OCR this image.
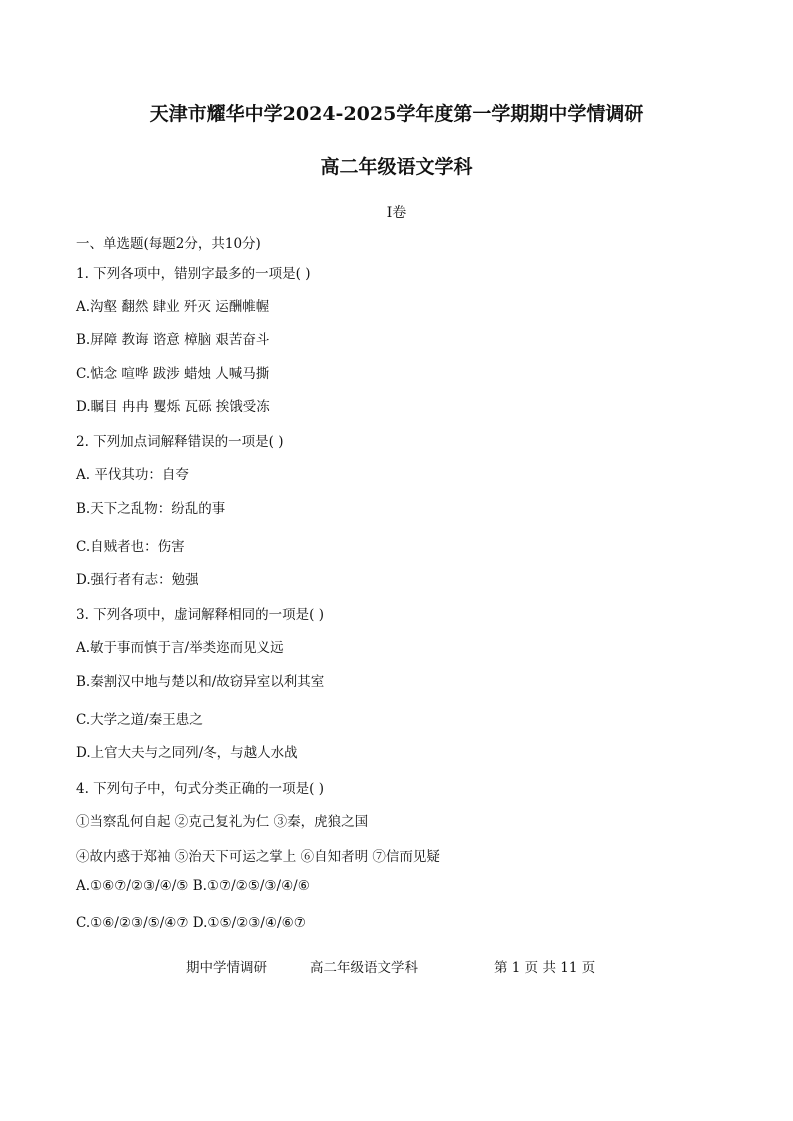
天津市耀华中学2024-2025学年度第一学期期中学情调研
高二年级语文学科
Ⅰ卷
一、单选题(每题2分，共10分)
1. 下列各项中，错别字最多的一项是( )
A.沟壑 翻然 肆业 歼灭 运酬帷幄
B.屏障 教诲 谘意 樟脑 艰苦奋斗
C.惦念 喧哗 跋涉 蜡烛 人喊马撕
D.瞩目 冉冉 矍烁 瓦砾 挨饿受冻
2. 下列加点词解释错误的一项是( )
A. 平伐其功：自夸
B.天下之乱物：纷乱的事
C.自贼者也：伤害
D.强行者有志：勉强
3. 下列各项中，虚词解释相同的一项是( )
A.敏于事而慎于言/举类迩而见义远
B.秦割汉中地与楚以和/故窃异室以利其室
C.大学之道/秦王患之
D.上官大夫与之同列/冬，与越人水战
4. 下列句子中，句式分类正确的一项是( )
①当察乱何自起 ②克己复礼为仁 ③秦，虎狼之国
④故内惑于郑袖 ⑤治天下可运之掌上 ⑥自知者明 ⑦信而见疑
A.①⑥⑦/②③/④/⑤ B.①⑦/②⑤/③/④/⑥
C.①⑥/②③/⑤/④⑦ D.①⑤/②③/④/⑥⑦
期中学情调研	高二年级语文学科	第 1 页 共 11 页
